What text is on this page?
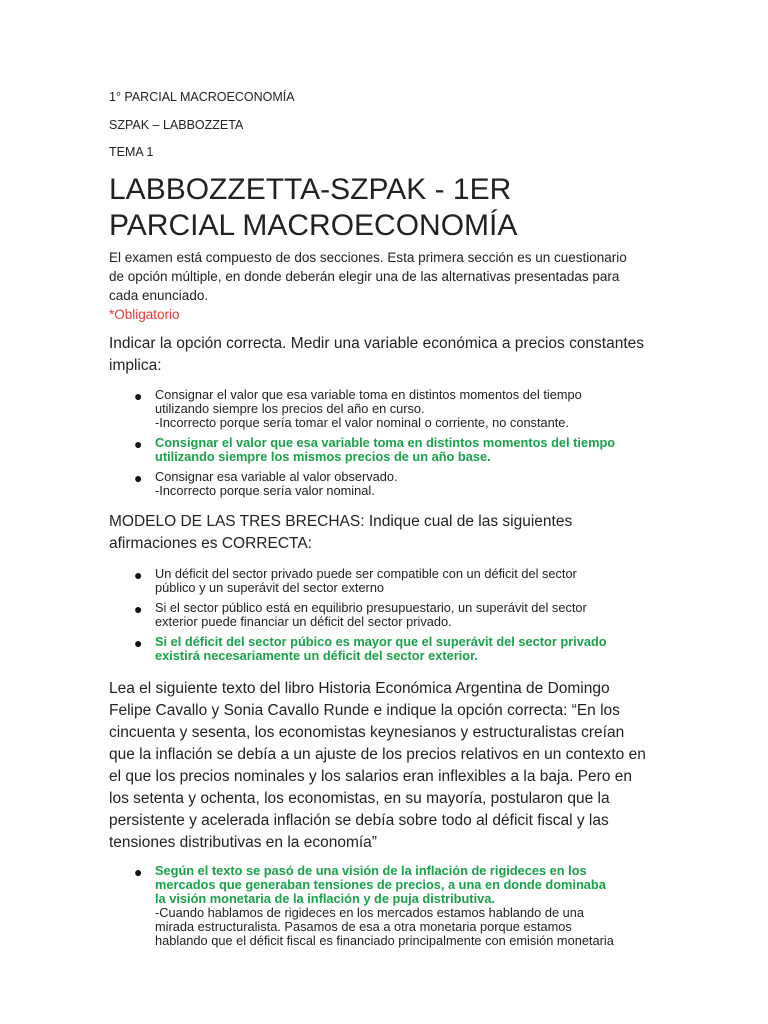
1° PARCIAL MACROECONOMÍA
SZPAK – LABBOZZETA
TEMA 1
LABBOZZETTA-SZPAK - 1ER
PARCIAL MACROECONOMÍA
El examen está compuesto de dos secciones. Esta primera sección es un cuestionario
de opción múltiple, en donde deberán elegir una de las alternativas presentadas para
cada enunciado.
*Obligatorio
Indicar la opción correcta. Medir una variable económica a precios constantes
implica:
● Consignar el valor que esa variable toma en distintos momentos del tiempo
utilizando siempre los precios del año en curso.
-Incorrecto porque sería tomar el valor nominal o corriente, no constante.
● Consignar el valor que esa variable toma en distintos momentos del tiempo
utilizando siempre los mismos precios de un año base.
● Consignar esa variable al valor observado.
-Incorrecto porque sería valor nominal.
MODELO DE LAS TRES BRECHAS: Indique cual de las siguientes
afirmaciones es CORRECTA:
● Un déficit del sector privado puede ser compatible con un déficit del sector
público y un superávit del sector externo
● Si el sector público está en equilibrio presupuestario, un superávit del sector
exterior puede financiar un déficit del sector privado.
● Si el déficit del sector púbico es mayor que el superávit del sector privado
existirá necesariamente un déficit del sector exterior.
Lea el siguiente texto del libro Historia Económica Argentina de Domingo
Felipe Cavallo y Sonia Cavallo Runde e indique la opción correcta: “En los
cincuenta y sesenta, los economistas keynesianos y estructuralistas creían
que la inflación se debía a un ajuste de los precios relativos en un contexto en
el que los precios nominales y los salarios eran inflexibles a la baja. Pero en
los setenta y ochenta, los economistas, en su mayoría, postularon que la
persistente y acelerada inflación se debía sobre todo al déficit fiscal y las
tensiones distributivas en la economía”
● Según el texto se pasó de una visión de la inflación de rigideces en los
mercados que generaban tensiones de precios, a una en donde dominaba
la visión monetaria de la inflación y de puja distributiva.
-Cuando hablamos de rigideces en los mercados estamos hablando de una
mirada estructuralista. Pasamos de esa a otra monetaria porque estamos
hablando que el déficit fiscal es financiado principalmente con emisión monetaria
